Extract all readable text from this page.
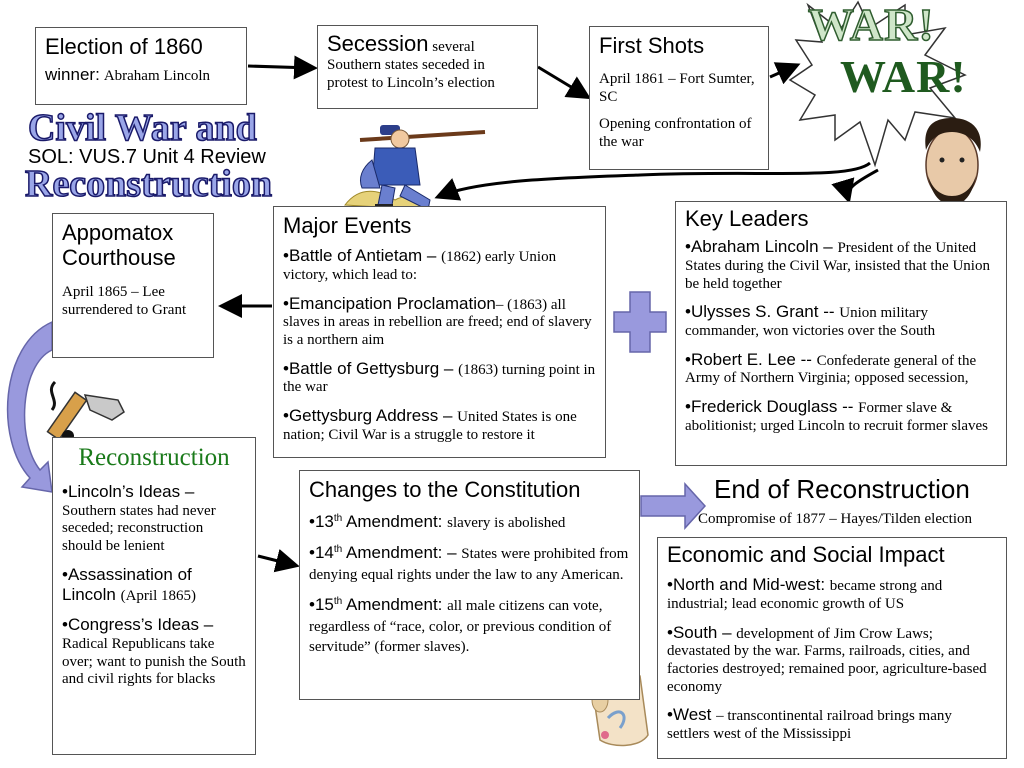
WAR!
WAR!
Civil War and
Reconstruction
SOL: VUS.7 Unit 4 Review
Election of 1860
winner: Abraham Lincoln
Secession several Southern states seceded in protest to Lincoln’s election
First Shots

April 1861 – Fort Sumter, SC

Opening confrontation of the war

Appomatox Courthouse

April 1865 – Lee surrendered to Grant

Major Events

•Battle of Antietam – (1862) early Union victory, which lead to:

•Emancipation Proclamation– (1863) all slaves in areas in rebellion are freed; end of slavery is a northern aim

•Battle of Gettysburg – (1863) turning point in the war

•Gettysburg Address – United States is one nation; Civil War is a struggle to restore it

Key Leaders

•Abraham Lincoln – President of the United States during the Civil War, insisted that the Union be held together

•Ulysses S. Grant -- Union military commander, won victories over the South

•Robert E. Lee -- Confederate general of the Army of Northern Virginia; opposed secession,

•Frederick Douglass -- Former slave & abolitionist; urged Lincoln to recruit former slaves

Reconstruction

•Lincoln’s Ideas – Southern states had never seceded; reconstruction should be lenient

•Assassination of Lincoln (April 1865)

•Congress’s Ideas – Radical Republicans take over; want to punish the South and civil rights for blacks

Changes to the Constitution

•13th Amendment: slavery is abolished

•14th Amendment: – States were prohibited from denying equal rights under the law to any American.

•15th Amendment: all male citizens can vote, regardless of “race, color, or previous condition of servitude” (former slaves).

End of Reconstruction
Compromise of 1877 – Hayes/Tilden election
Economic and Social Impact

•North and Mid-west: became strong and industrial; lead economic growth of US

•South – development of Jim Crow Laws; devastated by the war. Farms, railroads, cities, and factories destroyed; remained poor, agriculture-based economy

•West – transcontinental railroad brings many settlers west of the Mississippi
